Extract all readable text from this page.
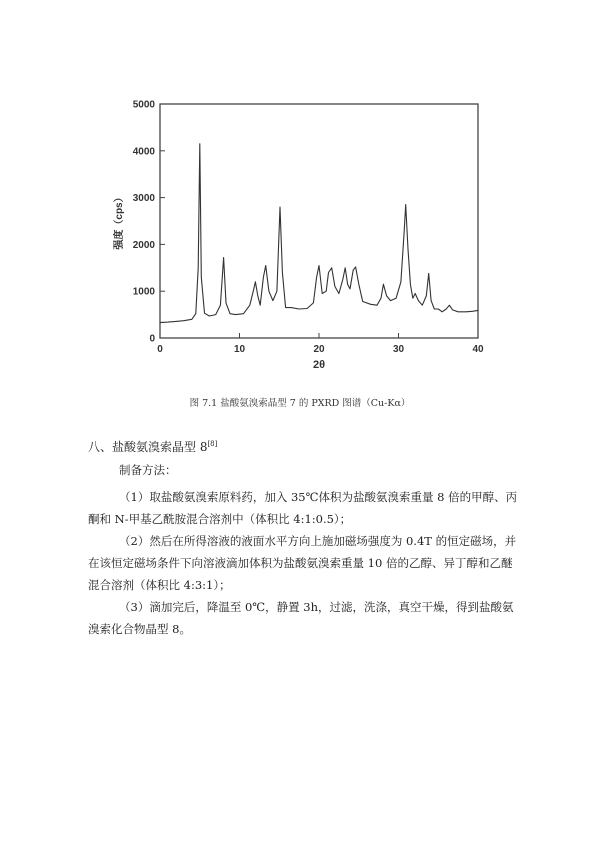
0
1000
2000
3000
4000
5000
0	10	20	30	40
2θ
强度（cps）
图 7.1 盐酸氨溴索晶型 7 的 PXRD 图谱（Cu-Kα）
八、盐酸氨溴索晶型 8[8]
制备方法：
（1）取盐酸氨溴索原料药，加入 35℃体积为盐酸氨溴索重量 8 倍的甲醇、丙酮和 N-甲基乙酰胺混合溶剂中（体积比 4:1:0.5）；
（2）然后在所得溶液的液面水平方向上施加磁场强度为 0.4T 的恒定磁场，并在该恒定磁场条件下向溶液滴加体积为盐酸氨溴索重量 10 倍的乙醇、异丁醇和乙醚混合溶剂（体积比 4:3:1）；
（3）滴加完后，降温至 0℃，静置 3h，过滤，洗涤，真空干燥，得到盐酸氨溴索化合物晶型 8。
